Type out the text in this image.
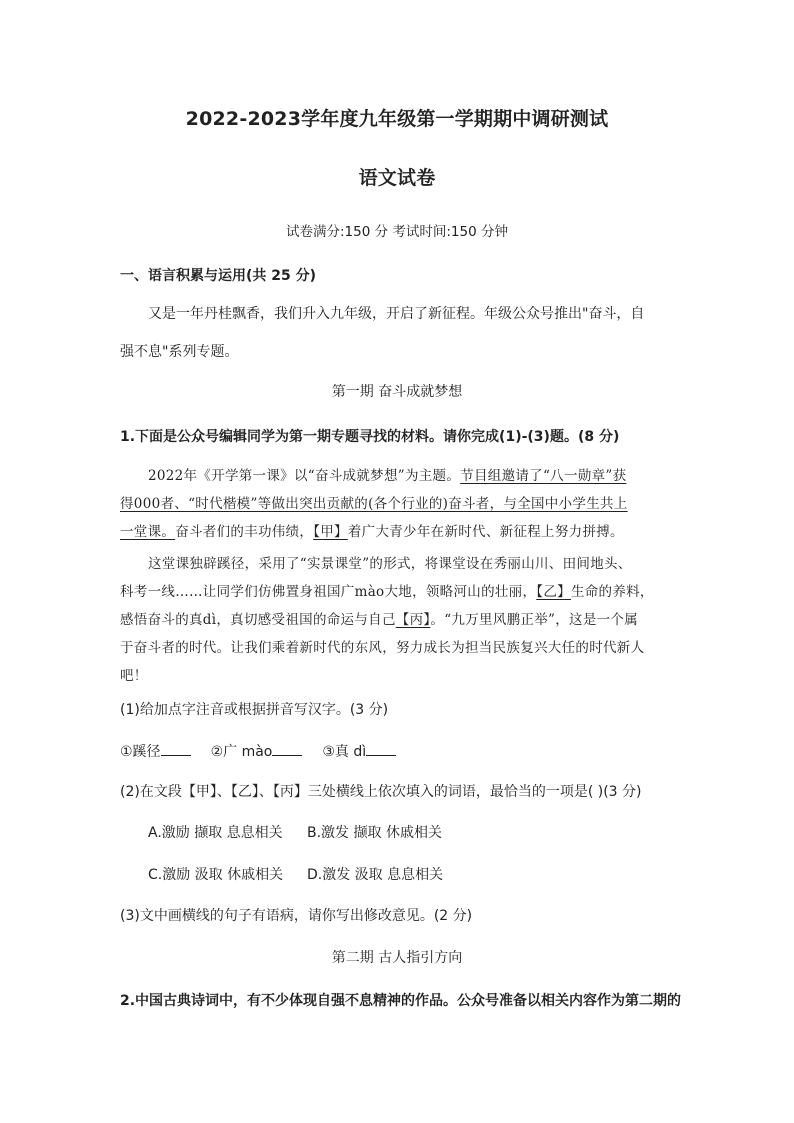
2022-2023学年度九年级第一学期期中调研测试
语文试卷
试卷满分:150 分 考试时间:150 分钟
一、语言积累与运用(共 25 分)
又是一年丹桂飘香，我们升入九年级，开启了新征程。年级公众号推出"奋斗，自
强不息"系列专题。
第一期 奋斗成就梦想
1.下面是公众号编辑同学为第一期专题寻找的材料。请你完成(1)-(3)题。(8 分)
2022年《开学第一课》以“奋斗成就梦想”为主题。节目组邀请了“八一勋章”获
得000者、“时代楷模”等做出突出贡献的(各个行业的)奋斗者，与全国中小学生共上
一堂课。奋斗者们的丰功伟绩，【甲】着广大青少年在新时代、新征程上努力拼搏。
这堂课独辟蹊径，采用了“实景课堂”的形式，将课堂设在秀丽山川、田间地头、
科考一线……让同学们仿佛置身祖国广mào大地，领略河山的壮丽，【乙】生命的养料，
感悟奋斗的真dì，真切感受祖国的命运与自己【丙】。“九万里风鹏正举”，这是一个属
于奋斗者的时代。让我们乘着新时代的东风，努力成长为担当民族复兴大任的时代新人
吧！
(1)给加点字注音或根据拼音写汉字。(3 分)
①蹊径	②广 mào	③真 dì
(2)在文段【甲】、【乙】、【丙】三处横线上依次填入的词语，最恰当的一项是( )(3 分)
A.激励 撷取 息息相关 B.激发 撷取 休戚相关
C.激励 汲取 休戚相关 D.激发 汲取 息息相关
(3)文中画横线的句子有语病，请你写出修改意见。(2 分)
第二期 古人指引方向
2.中国古典诗词中，有不少体现自强不息精神的作品。公众号准备以相关内容作为第二期的
